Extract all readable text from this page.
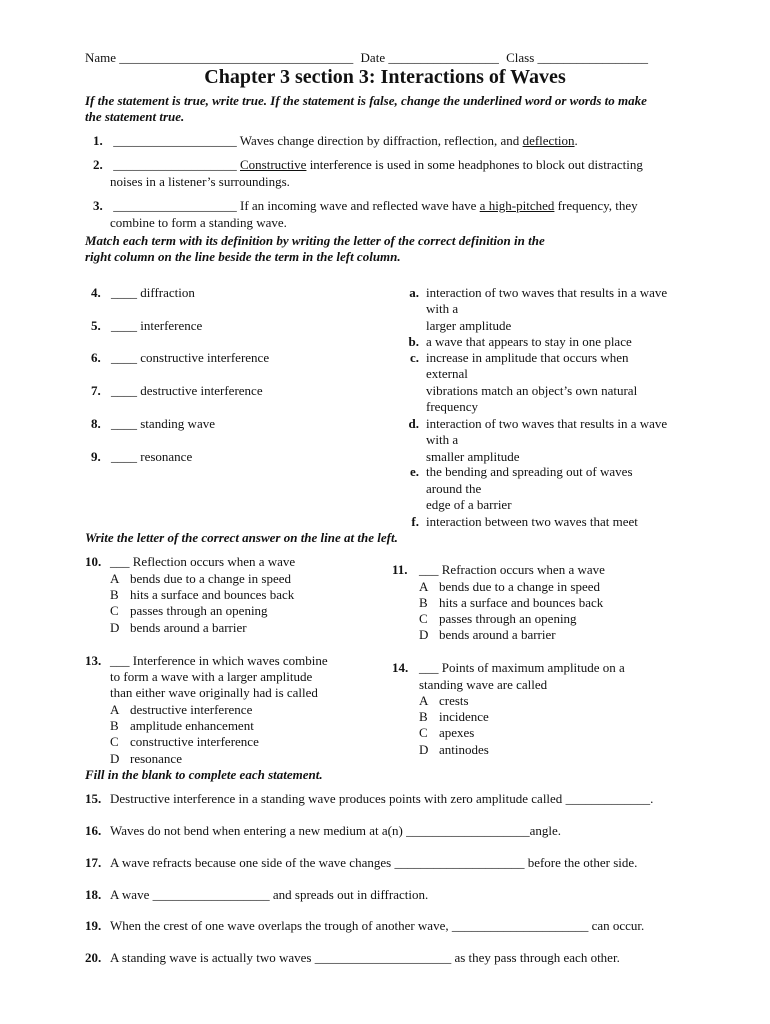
Name ____________________________________ Date _________________ Class _________________
Chapter 3 section 3: Interactions of Waves
If the statement is true, write true. If the statement is false, change the underlined word or words to make
the statement true.
1. ___________________ Waves change direction by diffraction, reflection, and deflection.
2. ___________________ Constructive interference is used in some headphones to block out distracting
noises in a listener’s surroundings.
3. ___________________ If an incoming wave and reflected wave have a high-pitched frequency, they
combine to form a standing wave.
Match each term with its definition by writing the letter of the correct definition in the
right column on the line beside the term in the left column.
4. ____ diffraction
5. ____ interference
6. ____ constructive interference
7. ____ destructive interference
8. ____ standing wave
9. ____ resonance
a. interaction of two waves that results in a wave
with a
larger amplitude
b. a wave that appears to stay in one place
c. increase in amplitude that occurs when
external
vibrations match an object’s own natural
frequency
d. interaction of two waves that results in a wave
with a
smaller amplitude
e. the bending and spreading out of waves
around the
edge of a barrier
f. interaction between two waves that meet
Write the letter of the correct answer on the line at the left.
10. ___ Reflection occurs when a wave
A bends due to a change in speed
B hits a surface and bounces back
C passes through an opening
D bends around a barrier
11. ___ Refraction occurs when a wave
A bends due to a change in speed
B hits a surface and bounces back
C passes through an opening
D bends around a barrier
13. ___ Interference in which waves combine
to form a wave with a larger amplitude
than either wave originally had is called
A destructive interference
B amplitude enhancement
C constructive interference
D resonance
14. ___ Points of maximum amplitude on a
standing wave are called
A crests
B incidence
C apexes
D antinodes
Fill in the blank to complete each statement.
15. Destructive interference in a standing wave produces points with zero amplitude called _____________.
16. Waves do not bend when entering a new medium at a(n) ___________________angle.
17. A wave refracts because one side of the wave changes ____________________ before the other side.
18. A wave __________________ and spreads out in diffraction.
19. When the crest of one wave overlaps the trough of another wave, _____________________ can occur.
20. A standing wave is actually two waves _____________________ as they pass through each other.
